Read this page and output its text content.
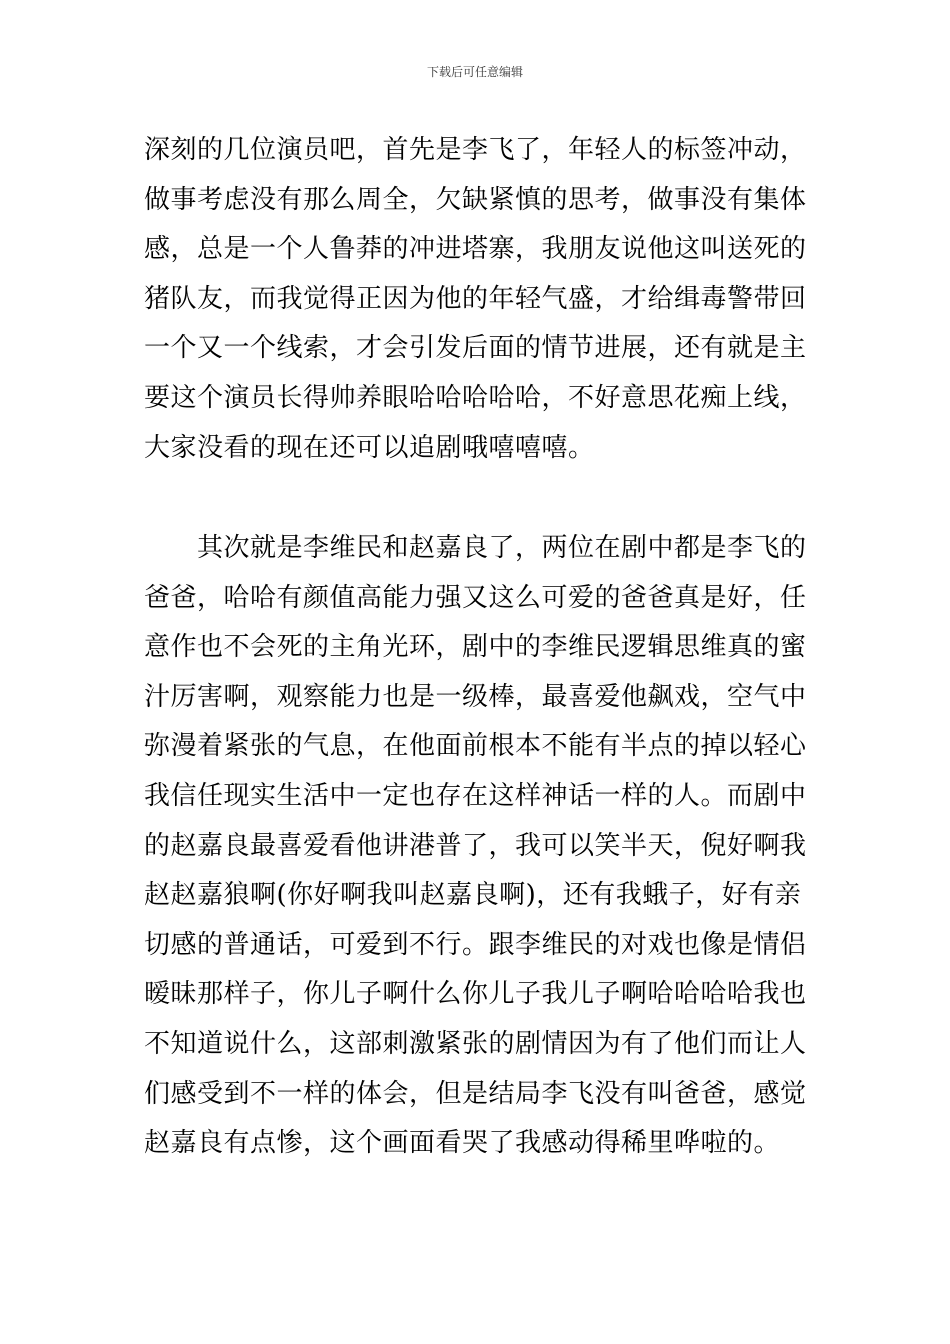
下载后可任意编辑

深刻的几位演员吧，首先是李飞了，年轻人的标签冲动，
做事考虑没有那么周全，欠缺紧慎的思考，做事没有集体
感，总是一个人鲁莽的冲进塔寨，我朋友说他这叫送死的
猪队友，而我觉得正因为他的年轻气盛，才给缉毒警带回
一个又一个线索，才会引发后面的情节进展，还有就是主
要这个演员长得帅养眼哈哈哈哈哈，不好意思花痴上线，
大家没看的现在还可以追剧哦嘻嘻嘻。

　　其次就是李维民和赵嘉良了，两位在剧中都是李飞的
爸爸，哈哈有颜值高能力强又这么可爱的爸爸真是好，任
意作也不会死的主角光环，剧中的李维民逻辑思维真的蜜
汁厉害啊，观察能力也是一级棒，最喜爱他飙戏，空气中
弥漫着紧张的气息，在他面前根本不能有半点的掉以轻心
我信任现实生活中一定也存在这样神话一样的人。而剧中
的赵嘉良最喜爱看他讲港普了，我可以笑半天，倪好啊我
赵赵嘉狼啊(你好啊我叫赵嘉良啊)，还有我蛾子，好有亲
切感的普通话，可爱到不行。跟李维民的对戏也像是情侣
暧昧那样子，你儿子啊什么你儿子我儿子啊哈哈哈哈我也
不知道说什么，这部刺激紧张的剧情因为有了他们而让人
们感受到不一样的体会，但是结局李飞没有叫爸爸，感觉
赵嘉良有点惨，这个画面看哭了我感动得稀里哗啦的。
